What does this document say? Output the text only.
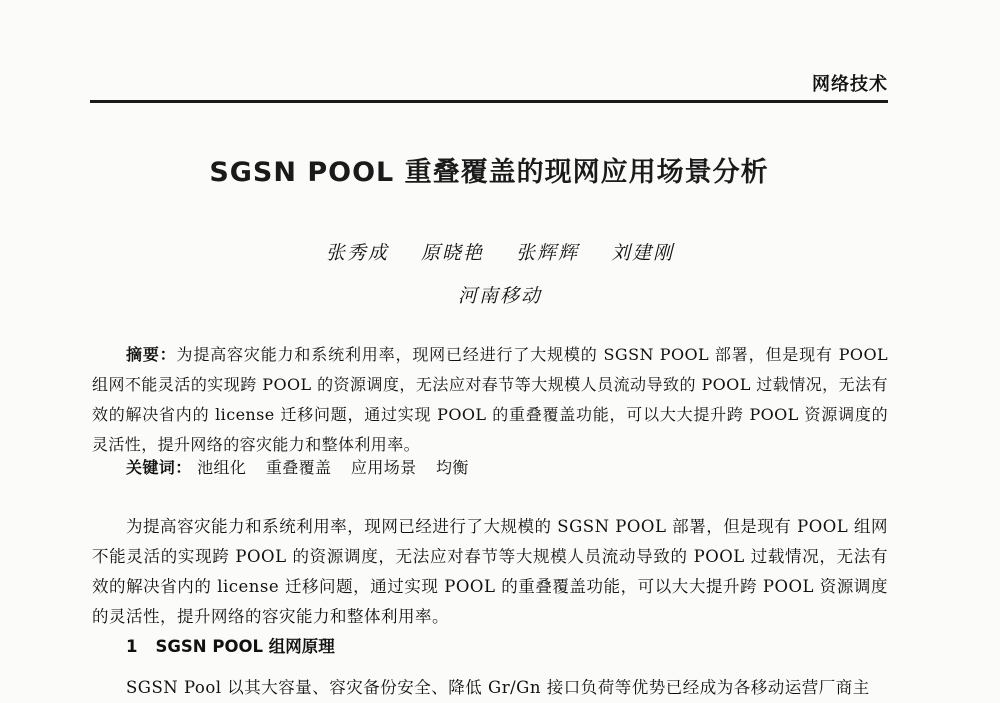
网络技术
SGSN POOL 重叠覆盖的现网应用场景分析
张秀成 原晓艳 张辉辉 刘建刚
河南移动
摘要：为提高容灾能力和系统利用率，现网已经进行了大规模的 SGSN POOL 部署，但是现有 POOL 组网不能灵活的实现跨 POOL 的资源调度，无法应对春节等大规模人员流动导致的 POOL 过载情况，无法有效的解决省内的 license 迁移问题，通过实现 POOL 的重叠覆盖功能，可以大大提升跨 POOL 资源调度的灵活性，提升网络的容灾能力和整体利用率。
关键词： 池组化 重叠覆盖 应用场景 均衡
为提高容灾能力和系统利用率，现网已经进行了大规模的 SGSN POOL 部署，但是现有 POOL 组网不能灵活的实现跨 POOL 的资源调度，无法应对春节等大规模人员流动导致的 POOL 过载情况，无法有效的解决省内的 license 迁移问题，通过实现 POOL 的重叠覆盖功能，可以大大提升跨 POOL 资源调度的灵活性，提升网络的容灾能力和整体利用率。
1 SGSN POOL 组网原理
SGSN Pool 以其大容量、容灾备份安全、降低 Gr/Gn 接口负荷等优势已经成为各移动运营厂商主
